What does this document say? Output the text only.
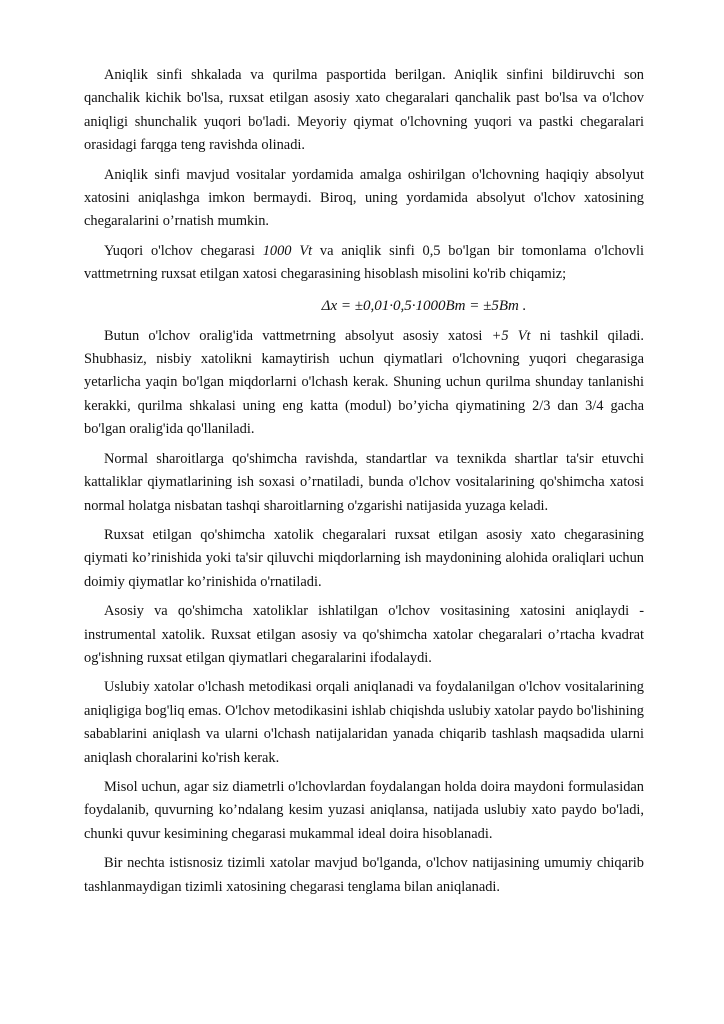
Aniqlik sinfi shkalada va qurilma pasportida berilgan. Aniqlik sinfini bildiruvchi son qanchalik kichik bo'lsa, ruxsat etilgan asosiy xato chegaralari qanchalik past bo'lsa va o'lchov aniqligi shunchalik yuqori bo'ladi. Meyoriy qiymat o'lchovning yuqori va pastki chegaralari orasidagi farqga teng ravishda olinadi.

Aniqlik sinfi mavjud vositalar yordamida amalga oshirilgan o'lchovning haqiqiy absolyut xatosini aniqlashga imkon bermaydi. Biroq, uning yordamida absolyut o'lchov xatosining chegaralarini o’rnatish mumkin.

Yuqori o'lchov chegarasi 1000 Vt va aniqlik sinfi 0,5 bo'lgan bir tomonlama o'lchovli vattmetrning ruxsat etilgan xatosi chegarasining hisoblash misolini ko'rib chiqamiz;

Δx = ±0,01·0,5·1000Bm = ±5Bm .

Butun o'lchov oralig'ida vattmetrning absolyut asosiy xatosi +5 Vt ni tashkil qiladi. Shubhasiz, nisbiy xatolikni kamaytirish uchun qiymatlari o'lchovning yuqori chegarasiga yetarlicha yaqin bo'lgan miqdorlarni o'lchash kerak. Shuning uchun qurilma shunday tanlanishi kerakki, qurilma shkalasi uning eng katta (modul) bo’yicha qiymatining 2/3 dan 3/4 gacha bo'lgan oralig'ida qo'llaniladi.

Normal sharoitlarga qo'shimcha ravishda, standartlar va texnikda shartlar ta'sir etuvchi kattaliklar qiymatlarining ish soxasi o’rnatiladi, bunda o'lchov vositalarining qo'shimcha xatosi normal holatga nisbatan tashqi sharoitlarning o'zgarishi natijasida yuzaga keladi.

Ruxsat etilgan qo'shimcha xatolik chegaralari ruxsat etilgan asosiy xato chegarasining qiymati ko’rinishida yoki ta'sir qiluvchi miqdorlarning ish maydonining alohida oraliqlari uchun doimiy qiymatlar ko’rinishida o'rnatiladi.

Asosiy va qo'shimcha xatoliklar ishlatilgan o'lchov vositasining xatosini aniqlaydi - instrumental xatolik. Ruxsat etilgan asosiy va qo'shimcha xatolar chegaralari o’rtacha kvadrat og'ishning ruxsat etilgan qiymatlari chegaralarini ifodalaydi.

Uslubiy xatolar o'lchash metodikasi orqali aniqlanadi va foydalanilgan o'lchov vositalarining aniqligiga bog'liq emas. O'lchov metodikasini ishlab chiqishda uslubiy xatolar paydo bo'lishining sabablarini aniqlash va ularni o'lchash natijalaridan yanada chiqarib tashlash maqsadida ularni aniqlash choralarini ko'rish kerak.

Misol uchun, agar siz diametrli o'lchovlardan foydalangan holda doira maydoni formulasidan foydalanib, quvurning ko’ndalang kesim yuzasi aniqlansa, natijada uslubiy xato paydo bo'ladi, chunki quvur kesimining chegarasi mukammal ideal doira hisoblanadi.

Bir nechta istisnosiz tizimli xatolar mavjud bo'lganda, o'lchov natijasining umumiy chiqarib tashlanmaydigan tizimli xatosining chegarasi tenglama bilan aniqlanadi.
